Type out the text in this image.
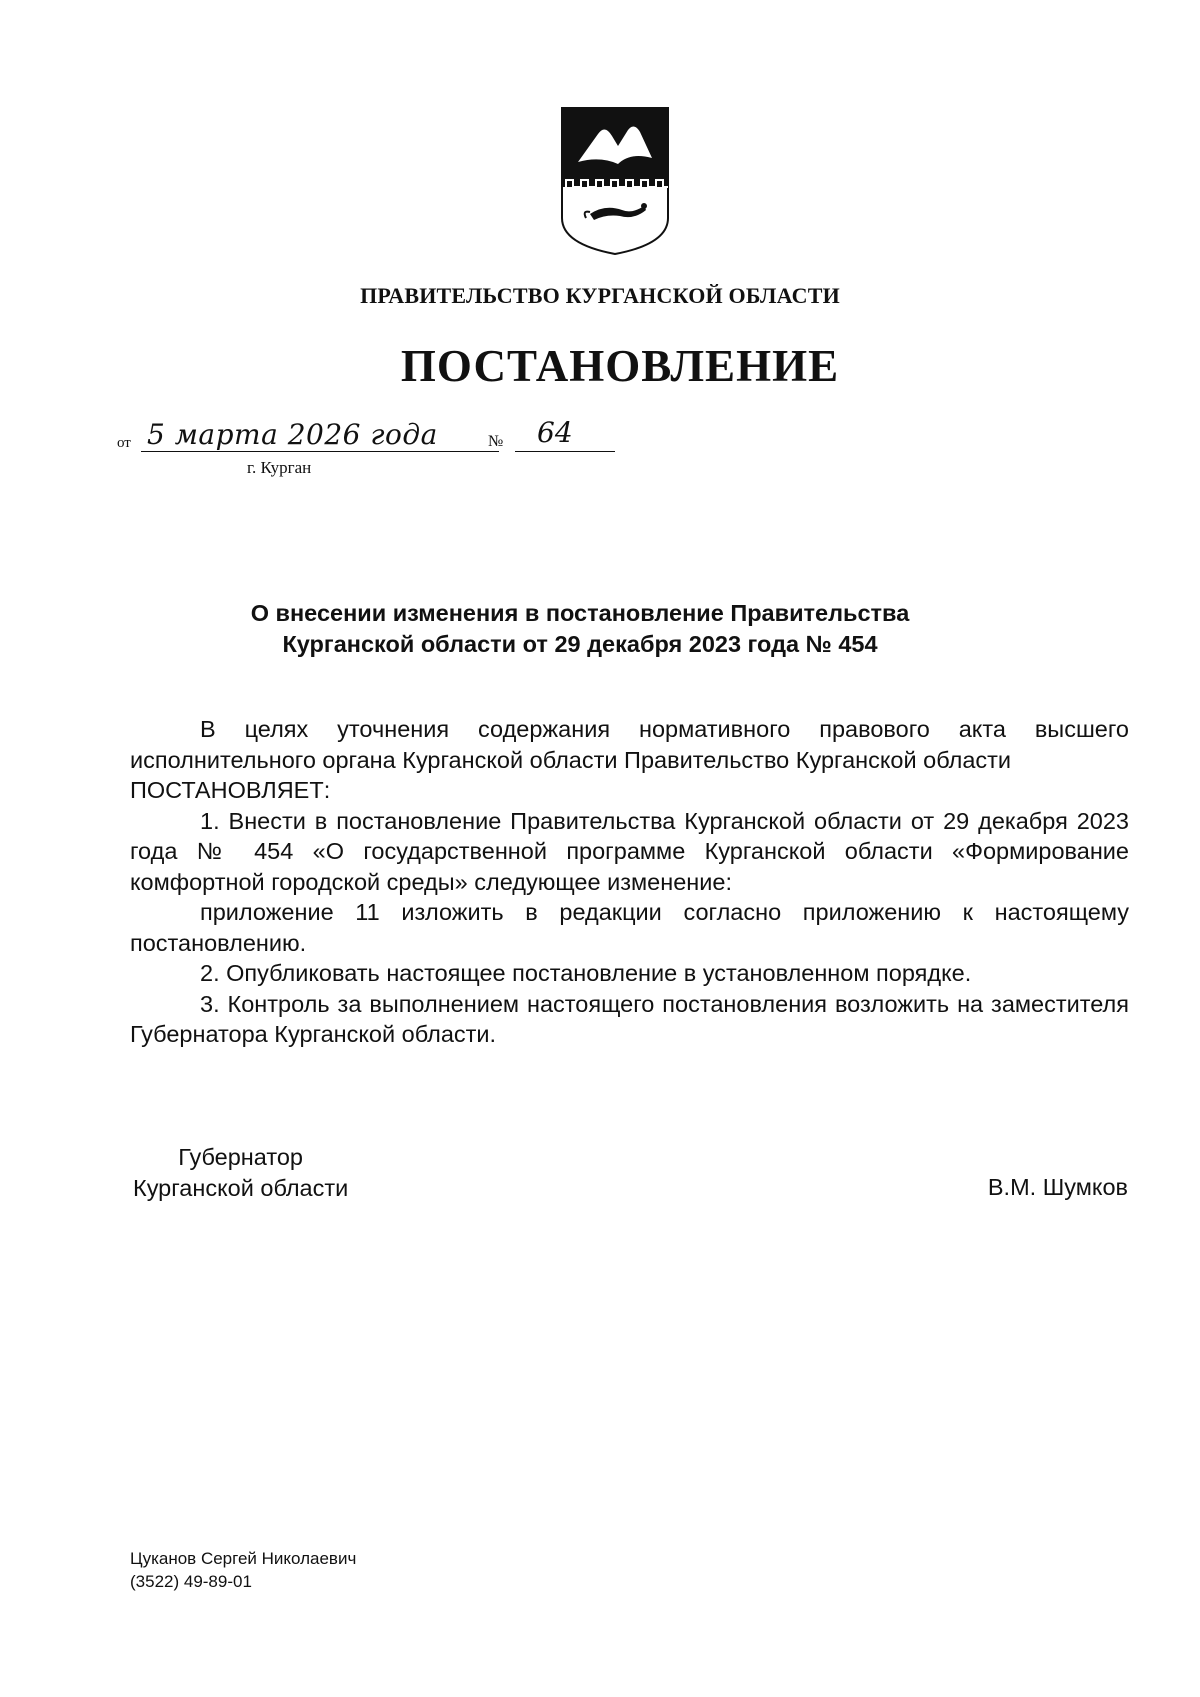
ПРАВИТЕЛЬСТВО КУРГАНСКОЙ ОБЛАСТИ
ПОСТАНОВЛЕНИЕ
от 5 марта 2026 года	№ 64
г. Курган
О внесении изменения в постановление Правительства
Курганской области от 29 декабря 2023 года № 454

В целях уточнения содержания нормативного правового акта высшего исполнительного органа Курганской области Правительство Курганской области

ПОСТАНОВЛЯЕТ:

1. Внести в постановление Правительства Курганской области от 29 декабря 2023 года № 454 «О государственной программе Курганской области «Формирование комфортной городской среды» следующее изменение:

приложение 11 изложить в редакции согласно приложению к настоящему постановлению.

2. Опубликовать настоящее постановление в установленном порядке.

3. Контроль за выполнением настоящего постановления возложить на заместителя Губернатора Курганской области.

Губернатор
Курганской области	В.М. Шумков
Цуканов Сергей Николаевич
(3522) 49-89-01
